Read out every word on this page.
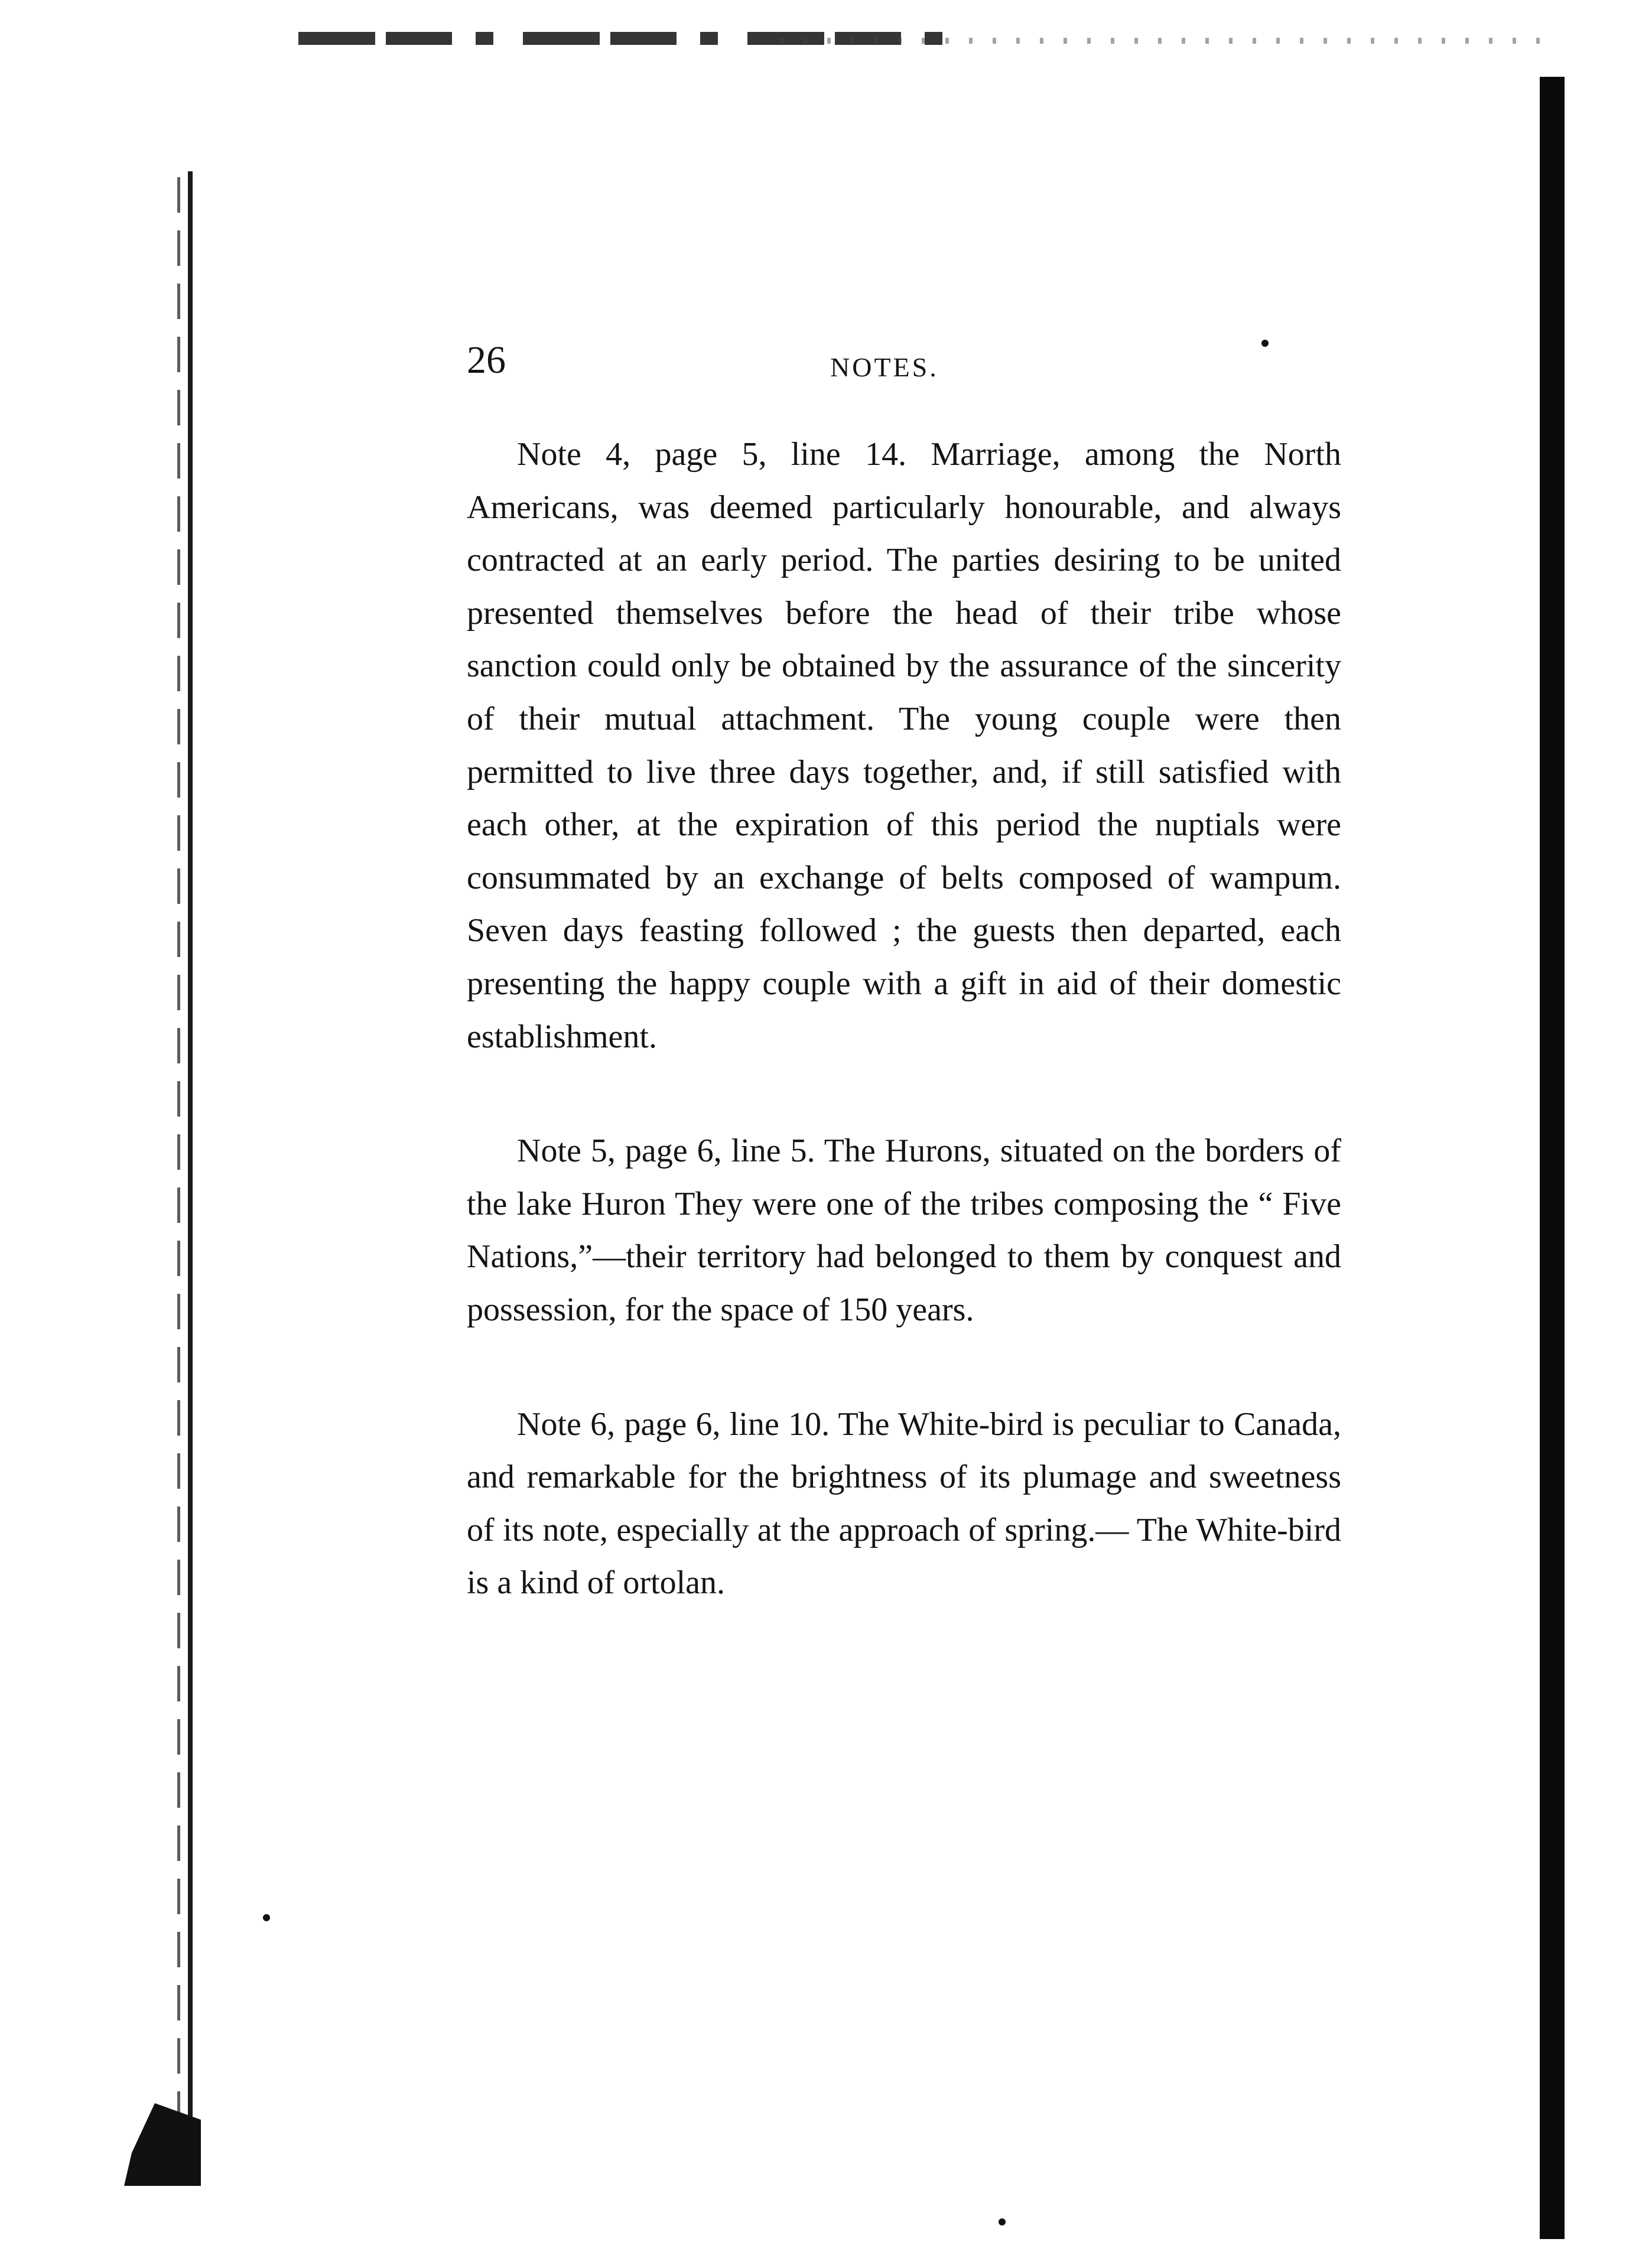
26	NOTES.

Note 4, page 5, line 14. Marriage, among the North Americans, was deemed particularly honourable, and always contracted at an early period. The parties desiring to be united presented themselves before the head of their tribe whose sanction could only be obtained by the assurance of the sincerity of their mutual attachment. The young couple were then permitted to live three days together, and, if still satisfied with each other, at the expiration of this period the nuptials were consummated by an exchange of belts composed of wampum. Seven days feasting followed ; the guests then departed, each presenting the happy couple with a gift in aid of their domestic establishment.

Note 5, page 6, line 5. The Hurons, situated on the borders of the lake Huron They were one of the tribes composing the “ Five Nations,”—their territory had belonged to them by conquest and possession, for the space of 150 years.

Note 6, page 6, line 10. The White-bird is peculiar to Canada, and remarkable for the brightness of its plumage and sweetness of its note, especially at the approach of spring.— The White-bird is a kind of ortolan.
